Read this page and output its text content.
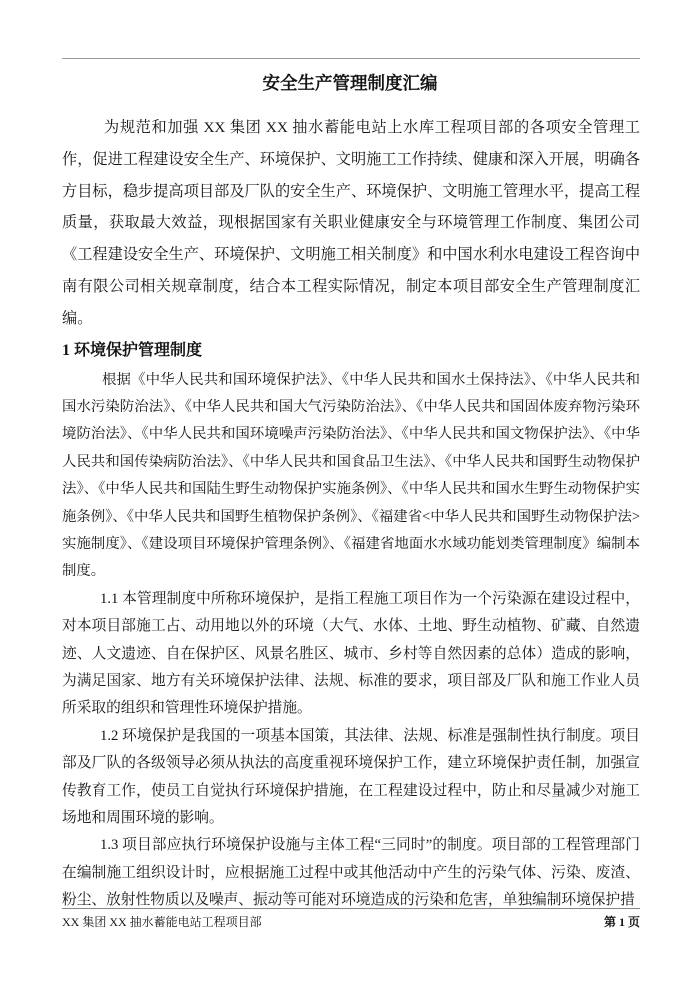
安全生产管理制度汇编

为规范和加强 XX 集团 XX 抽水蓄能电站上水库工程项目部的各项安全管理工作，促进工程建设安全生产、环境保护、文明施工工作持续、健康和深入开展，明确各方目标，稳步提高项目部及厂队的安全生产、环境保护、文明施工管理水平，提高工程质量，获取最大效益，现根据国家有关职业健康安全与环境管理工作制度、集团公司《工程建设安全生产、环境保护、文明施工相关制度》和中国水利水电建设工程咨询中南有限公司相关规章制度，结合本工程实际情况，制定本项目部安全生产管理制度汇编。

1 环境保护管理制度

根据《中华人民共和国环境保护法》、《中华人民共和国水土保持法》、《中华人民共和国水污染防治法》、《中华人民共和国大气污染防治法》、《中华人民共和国固体废弃物污染环境防治法》、《中华人民共和国环境噪声污染防治法》、《中华人民共和国文物保护法》、《中华人民共和国传染病防治法》、《中华人民共和国食品卫生法》、《中华人民共和国野生动物保护法》、《中华人民共和国陆生野生动物保护实施条例》、《中华人民共和国水生野生动物保护实施条例》、《中华人民共和国野生植物保护条例》、《福建省<中华人民共和国野生动物保护法>实施制度》、《建设项目环境保护管理条例》、《福建省地面水水域功能划类管理制度》编制本制度。

1.1 本管理制度中所称环境保护，是指工程施工项目作为一个污染源在建设过程中，对本项目部施工占、动用地以外的环境（大气、水体、土地、野生动植物、矿藏、自然遗迹、人文遗迹、自在保护区、风景名胜区、城市、乡村等自然因素的总体）造成的影响，为满足国家、地方有关环境保护法律、法规、标准的要求，项目部及厂队和施工作业人员所采取的组织和管理性环境保护措施。

1.2 环境保护是我国的一项基本国策，其法律、法规、标准是强制性执行制度。项目部及厂队的各级领导必须从执法的高度重视环境保护工作，建立环境保护责任制，加强宣传教育工作，使员工自觉执行环境保护措施，在工程建设过程中，防止和尽量减少对施工场地和周围环境的影响。

1.3 项目部应执行环境保护设施与主体工程“三同时”的制度。项目部的工程管理部门在编制施工组织设计时，应根据施工过程中或其他活动中产生的污染气体、污染、废渣、粉尘、放射性物质以及噪声、振动等可能对环境造成的污染和危害，单独编制环境保护措

XX 集团 XX 抽水蓄能电站工程项目部	第 1 页
